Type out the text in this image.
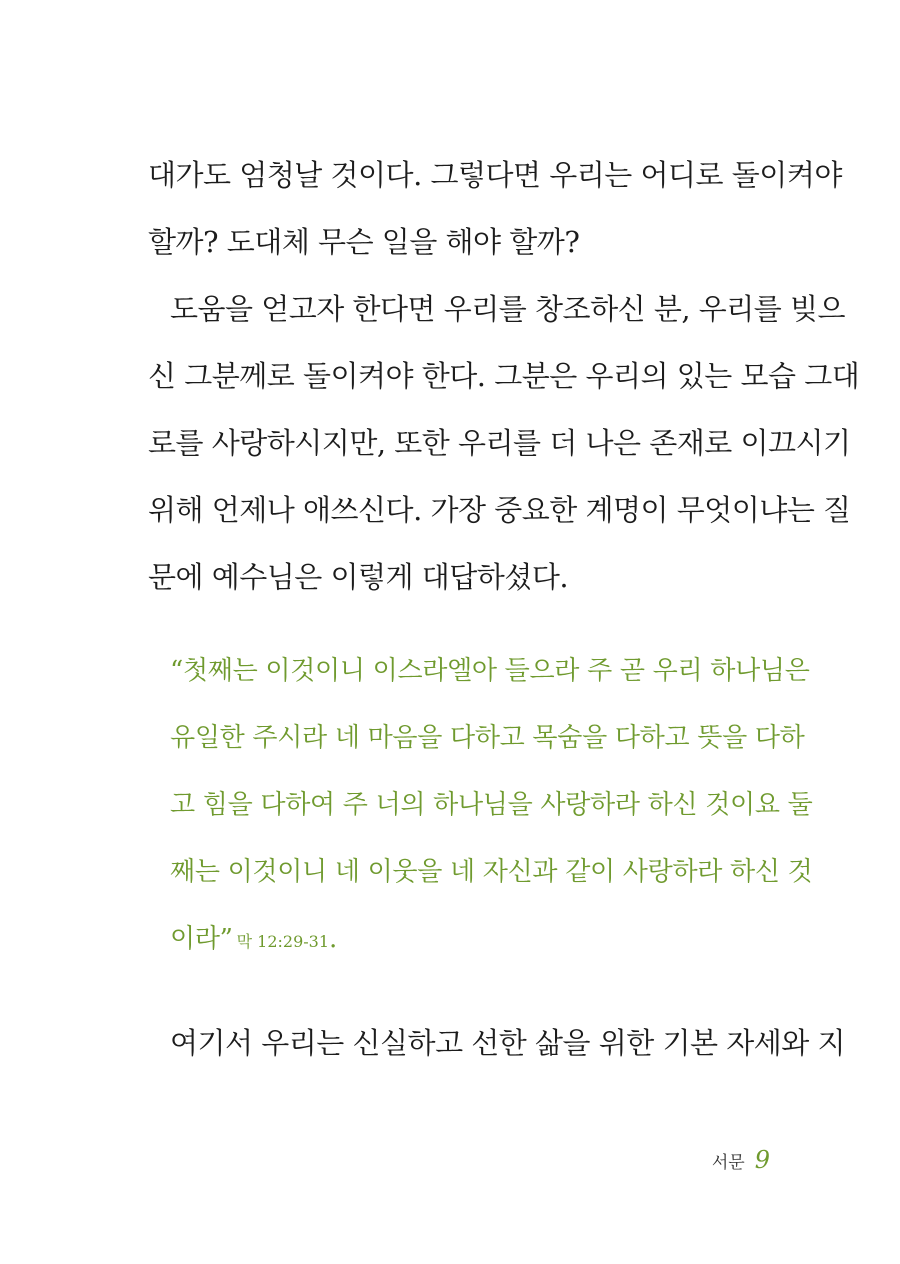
대가도 엄청날 것이다. 그렇다면 우리는 어디로 돌이켜야
할까? 도대체 무슨 일을 해야 할까?
도움을 얻고자 한다면 우리를 창조하신 분, 우리를 빚으
신 그분께로 돌이켜야 한다. 그분은 우리의 있는 모습 그대
로를 사랑하시지만, 또한 우리를 더 나은 존재로 이끄시기
위해 언제나 애쓰신다. 가장 중요한 계명이 무엇이냐는 질
문에 예수님은 이렇게 대답하셨다.
“첫째는 이것이니 이스라엘아 들으라 주 곧 우리 하나님은
유일한 주시라 네 마음을 다하고 목숨을 다하고 뜻을 다하
고 힘을 다하여 주 너의 하나님을 사랑하라 하신 것이요 둘
째는 이것이니 네 이웃을 네 자신과 같이 사랑하라 하신 것
이라” 막 12:29-31.
여기서 우리는 신실하고 선한 삶을 위한 기본 자세와 지
서문 9
